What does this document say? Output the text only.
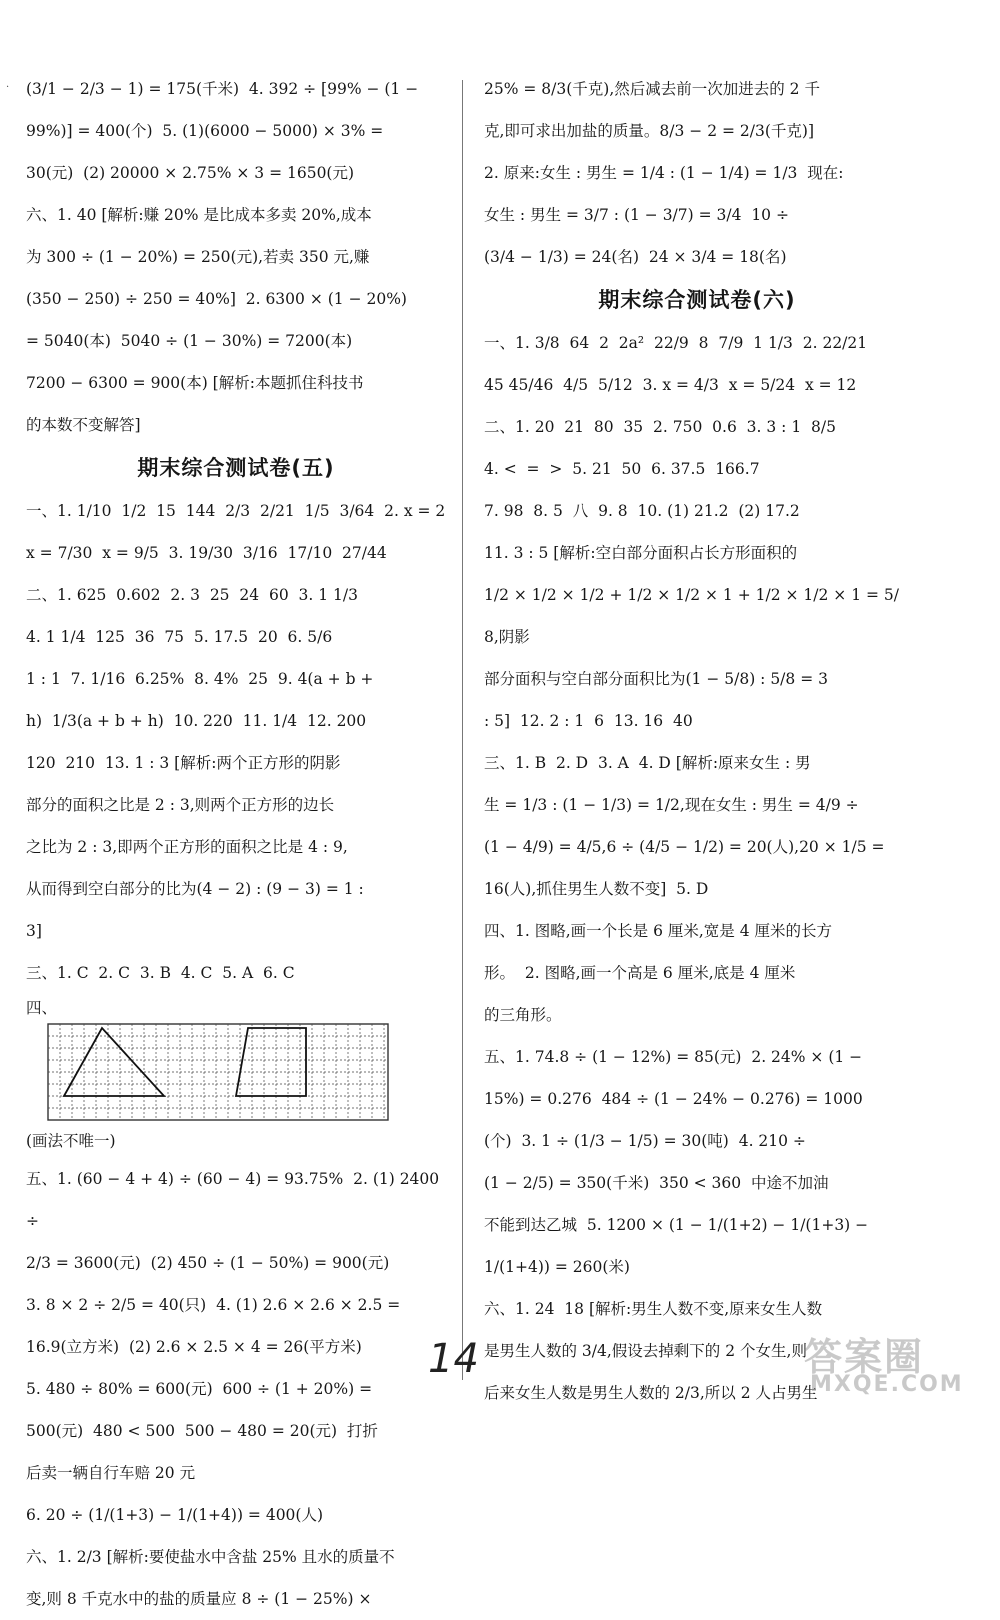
· (3/1 − 2/3 − 1) = 175(千米)  4. 392 ÷ [99% − (1 −
99%)] = 400(个)  5. (1)(6000 − 5000) × 3% =
30(元)  (2) 20000 × 2.75% × 3 = 1650(元)
六、1. 40 [解析:赚 20% 是比成本多卖 20%,成本
为 300 ÷ (1 − 20%) = 250(元),若卖 350 元,赚
(350 − 250) ÷ 250 = 40%]  2. 6300 × (1 − 20%)
= 5040(本)  5040 ÷ (1 − 30%) = 7200(本)
7200 − 6300 = 900(本) [解析:本题抓住科技书
的本数不变解答]
期末综合测试卷(五)
一、1. 1/10  1/2  15  144  2/3  2/21  1/5  3/64  2. x = 2
x = 7/30  x = 9/5  3. 19/30  3/16  17/10  27/44
二、1. 625  0.602  2. 3  25  24  60  3. 1 1/3
4. 1 1/4  125  36  75  5. 17.5  20  6. 5/6
1 : 1  7. 1/16  6.25%  8. 4%  25  9. 4(a + b +
h)  1/3(a + b + h)  10. 220  11. 1/4  12. 200
120  210  13. 1 : 3 [解析:两个正方形的阴影
部分的面积之比是 2 : 3,则两个正方形的边长
之比为 2 : 3,即两个正方形的面积之比是 4 : 9,
从而得到空白部分的比为(4 − 2) : (9 − 3) = 1 :
3]
三、1. C  2. C  3. B  4. C  5. A  6. C
四、
(画法不唯一)
五、1. (60 − 4 + 4) ÷ (60 − 4) = 93.75%  2. (1) 2400 ÷
2/3 = 3600(元)  (2) 450 ÷ (1 − 50%) = 900(元)
3. 8 × 2 ÷ 2/5 = 40(只)  4. (1) 2.6 × 2.6 × 2.5 =
16.9(立方米)  (2) 2.6 × 2.5 × 4 = 26(平方米)
5. 480 ÷ 80% = 600(元)  600 ÷ (1 + 20%) =
500(元)  480 < 500  500 − 480 = 20(元)  打折
后卖一辆自行车赔 20 元
6. 20 ÷ (1/(1+3) − 1/(1+4)) = 400(人)
六、1. 2/3 [解析:要使盐水中含盐 25% 且水的质量不
变,则 8 千克水中的盐的质量应 8 ÷ (1 − 25%) ×
25% = 8/3(千克),然后减去前一次加进去的 2 千
克,即可求出加盐的质量。8/3 − 2 = 2/3(千克)]
2. 原来:女生 : 男生 = 1/4 : (1 − 1/4) = 1/3  现在:
女生 : 男生 = 3/7 : (1 − 3/7) = 3/4  10 ÷
(3/4 − 1/3) = 24(名)  24 × 3/4 = 18(名)
期末综合测试卷(六)
一、1. 3/8  64  2  2a²  22/9  8  7/9  1 1/3  2. 22/21
45 45/46  4/5  5/12  3. x = 4/3  x = 5/24  x = 12
二、1. 20  21  80  35  2. 750  0.6  3. 3 : 1  8/5
4. <  =  >  5. 21  50  6. 37.5  166.7
7. 98  8. 5  八  9. 8  10. (1) 21.2  (2) 17.2
11. 3 : 5 [解析:空白部分面积占长方形面积的
1/2 × 1/2 × 1/2 + 1/2 × 1/2 × 1 + 1/2 × 1/2 × 1 = 5/8,阴影
部分面积与空白部分面积比为(1 − 5/8) : 5/8 = 3
: 5]  12. 2 : 1  6  13. 16  40
三、1. B  2. D  3. A  4. D [解析:原来女生 : 男
生 = 1/3 : (1 − 1/3) = 1/2,现在女生 : 男生 = 4/9 ÷
(1 − 4/9) = 4/5,6 ÷ (4/5 − 1/2) = 20(人),20 × 1/5 =
16(人),抓住男生人数不变]  5. D
四、1. 图略,画一个长是 6 厘米,宽是 4 厘米的长方
形。  2. 图略,画一个高是 6 厘米,底是 4 厘米
的三角形。
五、1. 74.8 ÷ (1 − 12%) = 85(元)  2. 24% × (1 −
15%) = 0.276  484 ÷ (1 − 24% − 0.276) = 1000
(个)  3. 1 ÷ (1/3 − 1/5) = 30(吨)  4. 210 ÷
(1 − 2/5) = 350(千米)  350 < 360  中途不加油
不能到达乙城  5. 1200 × (1 − 1/(1+2) − 1/(1+3) −
1/(1+4)) = 260(米)
六、1. 24  18 [解析:男生人数不变,原来女生人数
是男生人数的 3/4,假设去掉剩下的 2 个女生,则
后来女生人数是男生人数的 2/3,所以 2 人占男生
14	答案圈
MXQE.COM
